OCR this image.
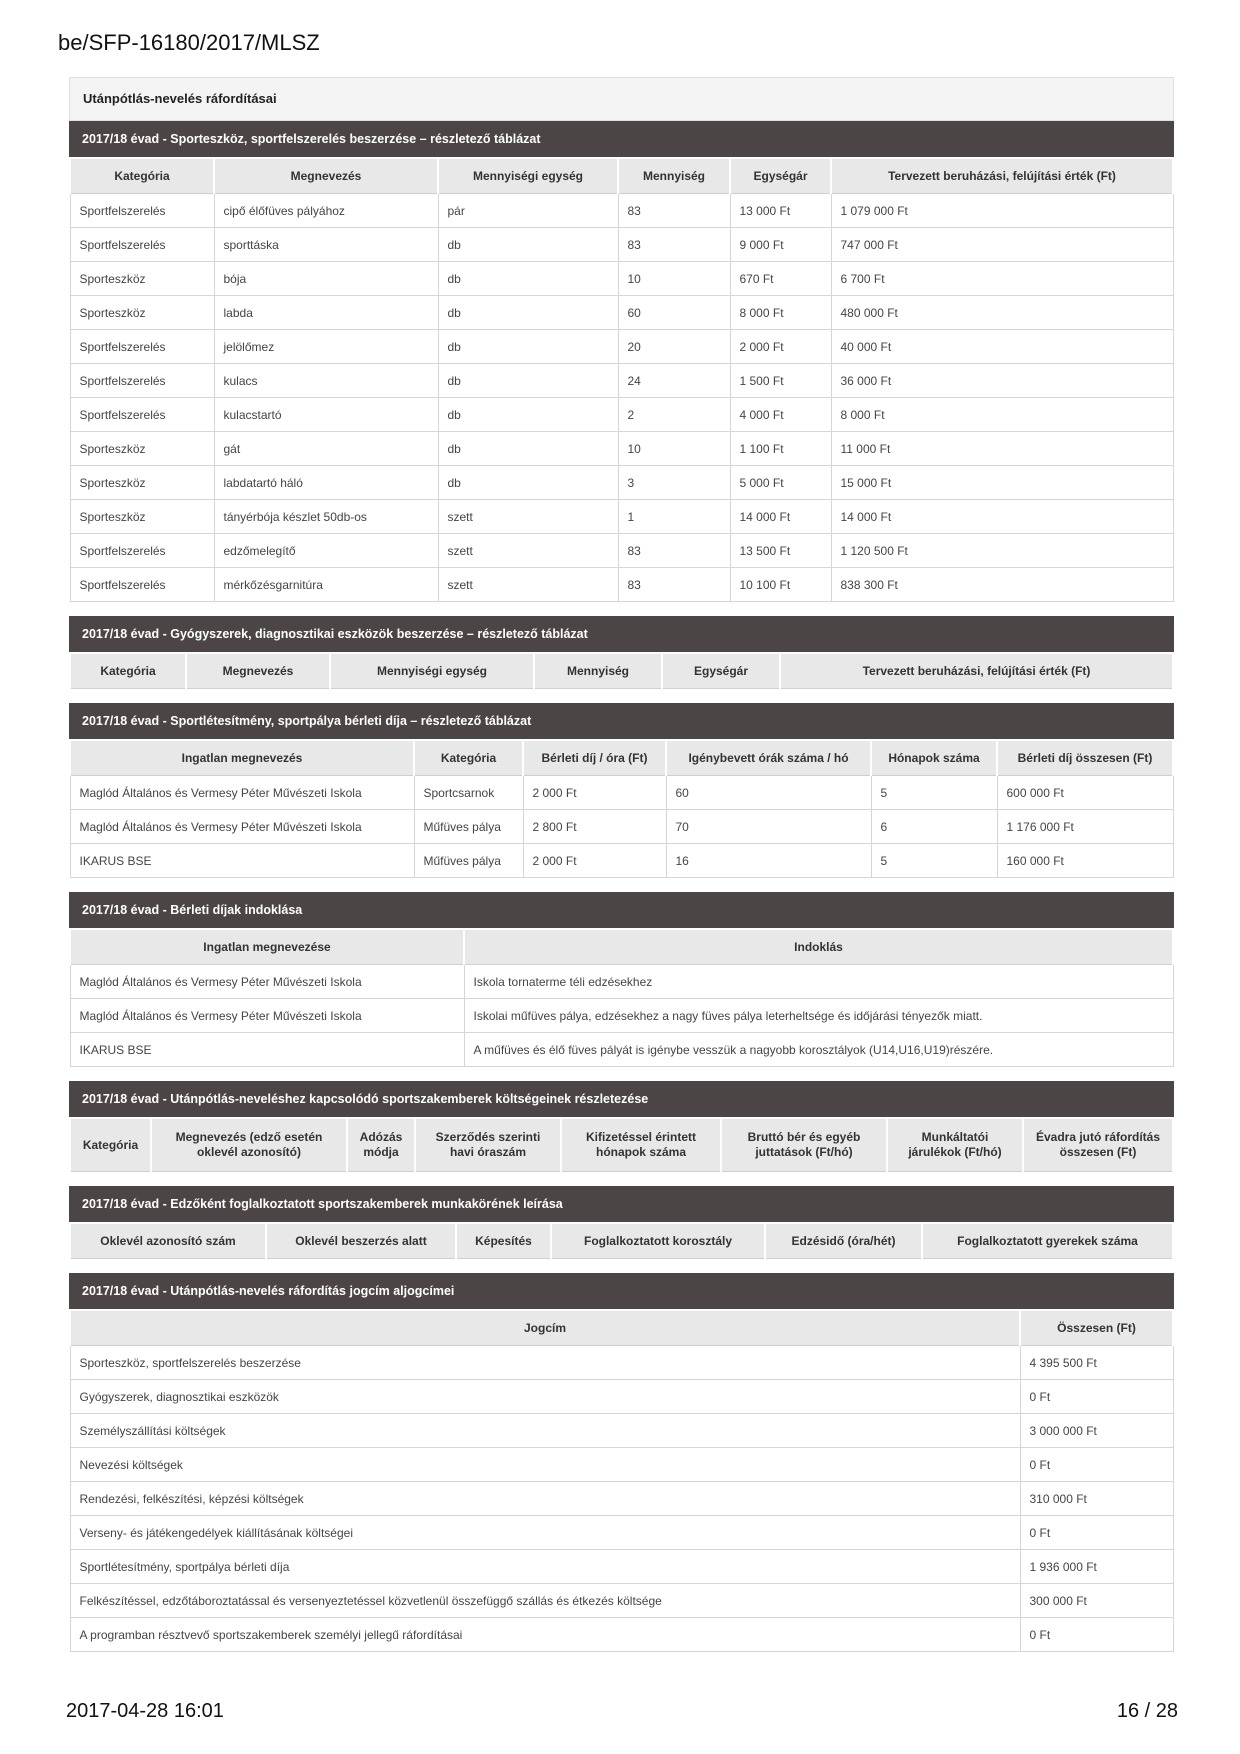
be/SFP-16180/2017/MLSZ
Utánpótlás-nevelés ráfordításai
2017/18 évad - Sporteszköz, sportfelszerelés beszerzése – részletező táblázat
Kategória	Megnevezés	Mennyiségi egység	Mennyiség	Egységár	Tervezett beruházási, felújítási érték (Ft)
Sportfelszerelés	cipő élőfüves pályához	pár	83	13 000 Ft	1 079 000 Ft
Sportfelszerelés	sporttáska	db	83	9 000 Ft	747 000 Ft
Sporteszköz	bója	db	10	670 Ft	6 700 Ft
Sporteszköz	labda	db	60	8 000 Ft	480 000 Ft
Sportfelszerelés	jelölőmez	db	20	2 000 Ft	40 000 Ft
Sportfelszerelés	kulacs	db	24	1 500 Ft	36 000 Ft
Sportfelszerelés	kulacstartó	db	2	4 000 Ft	8 000 Ft
Sporteszköz	gát	db	10	1 100 Ft	11 000 Ft
Sporteszköz	labdatartó háló	db	3	5 000 Ft	15 000 Ft
Sporteszköz	tányérbója készlet 50db-os	szett	1	14 000 Ft	14 000 Ft
Sportfelszerelés	edzőmelegítő	szett	83	13 500 Ft	1 120 500 Ft
Sportfelszerelés	mérkőzésgarnitúra	szett	83	10 100 Ft	838 300 Ft
2017/18 évad - Gyógyszerek, diagnosztikai eszközök beszerzése – részletező táblázat
Kategória	Megnevezés	Mennyiségi egység	Mennyiség	Egységár	Tervezett beruházási, felújítási érték (Ft)
2017/18 évad - Sportlétesítmény, sportpálya bérleti díja – részletező táblázat
Ingatlan megnevezés	Kategória	Bérleti díj / óra (Ft)	Igénybevett órák száma / hó	Hónapok száma	Bérleti díj összesen (Ft)
Maglód Általános és Vermesy Péter Művészeti Iskola	Sportcsarnok	2 000 Ft	60	5	600 000 Ft
Maglód Általános és Vermesy Péter Művészeti Iskola	Műfüves pálya	2 800 Ft	70	6	1 176 000 Ft
IKARUS BSE	Műfüves pálya	2 000 Ft	16	5	160 000 Ft
2017/18 évad - Bérleti díjak indoklása
Ingatlan megnevezése	Indoklás
Maglód Általános és Vermesy Péter Művészeti Iskola	Iskola tornaterme téli edzésekhez
Maglód Általános és Vermesy Péter Művészeti Iskola	Iskolai műfüves pálya, edzésekhez a nagy füves pálya leterheltsége és időjárási tényezők miatt.
IKARUS BSE	A műfüves és élő füves pályát is igénybe vesszük a nagyobb korosztályok (U14,U16,U19)részére.
2017/18 évad - Utánpótlás-neveléshez kapcsolódó sportszakemberek költségeinek részletezése
Kategória	Megnevezés (edző esetén oklevél azonosító)	Adózás módja	Szerződés szerinti havi óraszám	Kifizetéssel érintett hónapok száma	Bruttó bér és egyéb juttatások (Ft/hó)	Munkáltatói járulékok (Ft/hó)	Évadra jutó ráfordítás összesen (Ft)
2017/18 évad - Edzőként foglalkoztatott sportszakemberek munkakörének leírása
Oklevél azonosító szám	Oklevél beszerzés alatt	Képesítés	Foglalkoztatott korosztály	Edzésidő (óra/hét)	Foglalkoztatott gyerekek száma
2017/18 évad - Utánpótlás-nevelés ráfordítás jogcím aljogcímei
Jogcím	Összesen (Ft)
Sporteszköz, sportfelszerelés beszerzése	4 395 500 Ft
Gyógyszerek, diagnosztikai eszközök	0 Ft
Személyszállítási költségek	3 000 000 Ft
Nevezési költségek	0 Ft
Rendezési, felkészítési, képzési költségek	310 000 Ft
Verseny- és játékengedélyek kiállításának költségei	0 Ft
Sportlétesítmény, sportpálya bérleti díja	1 936 000 Ft
Felkészítéssel, edzőtáboroztatással és versenyeztetéssel közvetlenül összefüggő szállás és étkezés költsége	300 000 Ft
A programban résztvevő sportszakemberek személyi jellegű ráfordításai	0 Ft
2017-04-28 16:01	16 / 28
